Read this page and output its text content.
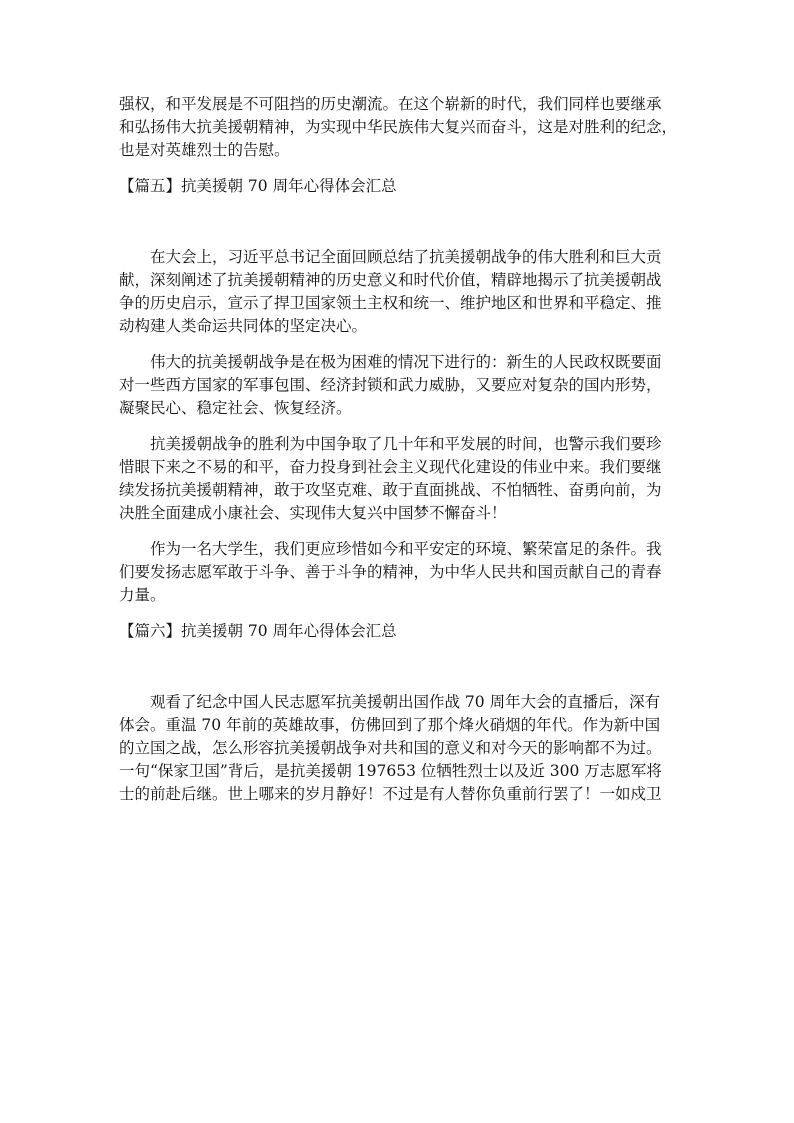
强权，和平发展是不可阻挡的历史潮流。在这个崭新的时代，我们同样也要继承
和弘扬伟大抗美援朝精神，为实现中华民族伟大复兴而奋斗，这是对胜利的纪念，
也是对英雄烈士的告慰。
【篇五】抗美援朝 70 周年心得体会汇总
在大会上，习近平总书记全面回顾总结了抗美援朝战争的伟大胜利和巨大贡
献，深刻阐述了抗美援朝精神的历史意义和时代价值，精辟地揭示了抗美援朝战
争的历史启示，宣示了捍卫国家领土主权和统一、维护地区和世界和平稳定、推
动构建人类命运共同体的坚定决心。
伟大的抗美援朝战争是在极为困难的情况下进行的：新生的人民政权既要面
对一些西方国家的军事包围、经济封锁和武力威胁，又要应对复杂的国内形势，
凝聚民心、稳定社会、恢复经济。
抗美援朝战争的胜利为中国争取了几十年和平发展的时间，也警示我们要珍
惜眼下来之不易的和平，奋力投身到社会主义现代化建设的伟业中来。我们要继
续发扬抗美援朝精神，敢于攻坚克难、敢于直面挑战、不怕牺牲、奋勇向前，为
决胜全面建成小康社会、实现伟大复兴中国梦不懈奋斗！
作为一名大学生，我们更应珍惜如今和平安定的环境、繁荣富足的条件。我
们要发扬志愿军敢于斗争、善于斗争的精神，为中华人民共和国贡献自己的青春
力量。
【篇六】抗美援朝 70 周年心得体会汇总
观看了纪念中国人民志愿军抗美援朝出国作战 70 周年大会的直播后，深有
体会。重温 70 年前的英雄故事，仿佛回到了那个烽火硝烟的年代。作为新中国
的立国之战，怎么形容抗美援朝战争对共和国的意义和对今天的影响都不为过。
一句“保家卫国”背后，是抗美援朝 197653 位牺牲烈士以及近 300 万志愿军将
士的前赴后继。世上哪来的岁月静好！不过是有人替你负重前行罢了！一如戍卫
